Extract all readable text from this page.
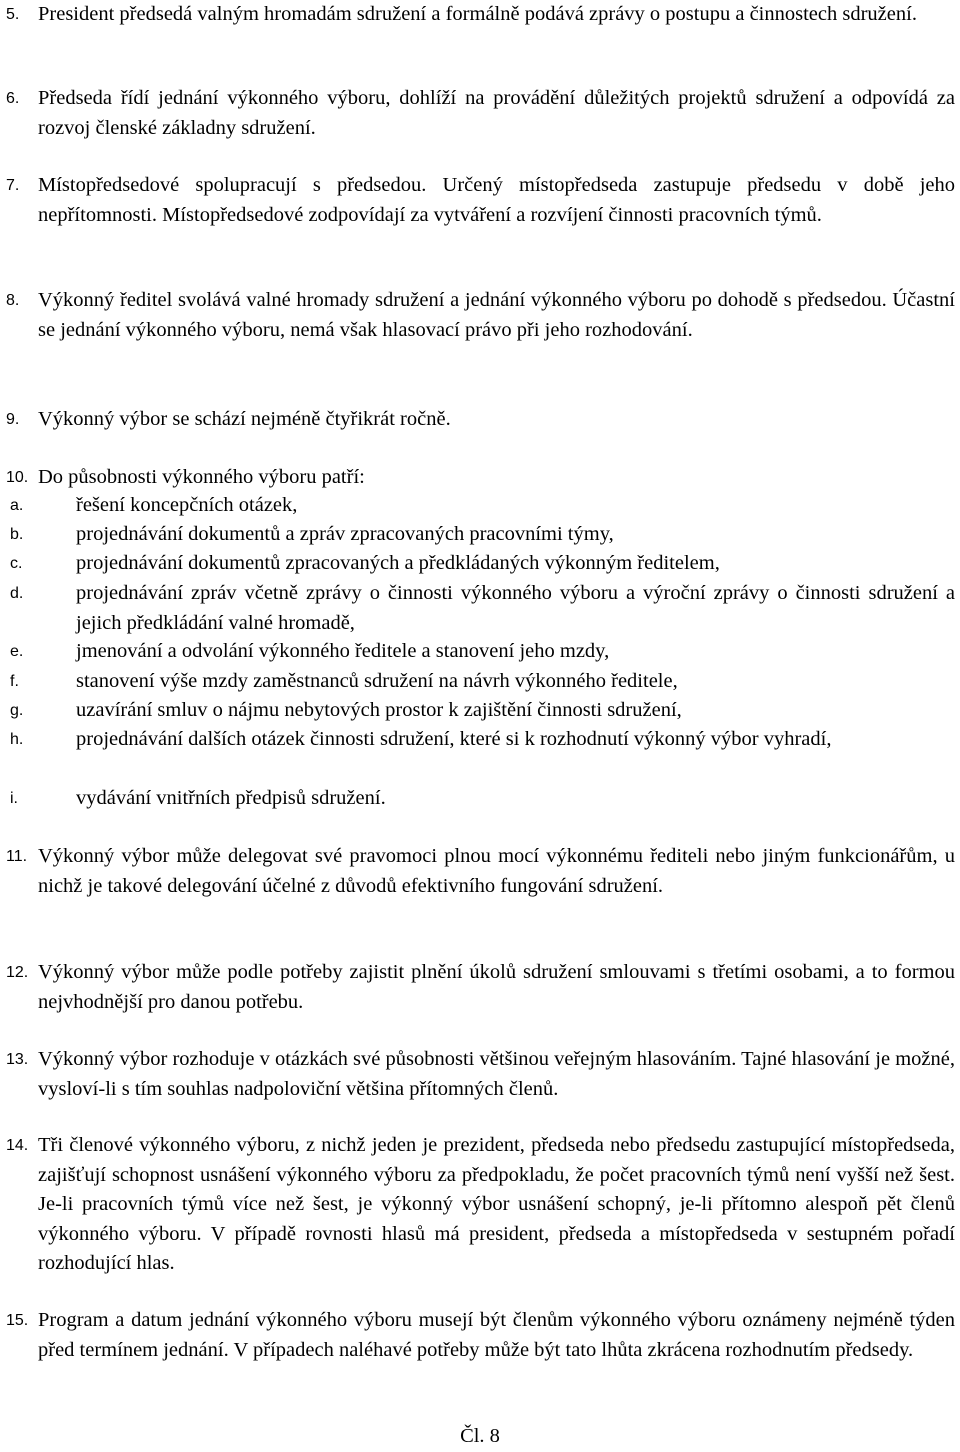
5. President předsedá valným hromadám sdružení a formálně podává zprávy o postupu a činnostech sdružení.
6. Předseda řídí jednání výkonného výboru, dohlíží na provádění důležitých projektů sdružení a odpovídá za rozvoj členské základny sdružení.
7. Místopředsedové spolupracují s předsedou. Určený místopředseda zastupuje předsedu v době jeho nepřítomnosti. Místopředsedové zodpovídají za vytváření a rozvíjení činnosti pracovních týmů.
8. Výkonný ředitel svolává valné hromady sdružení a jednání výkonného výboru po dohodě s předsedou. Účastní se jednání výkonného výboru, nemá však hlasovací právo při jeho rozhodování.
9. Výkonný výbor se schází nejméně čtyřikrát ročně.
10. Do působnosti výkonného výboru patří:
a.	řešení koncepčních otázek,
b.	projednávání dokumentů a zpráv zpracovaných pracovními týmy,
c.	projednávání dokumentů zpracovaných a předkládaných výkonným ředitelem,
d.	projednávání zpráv včetně zprávy o činnosti výkonného výboru a výroční zprávy o činnosti sdružení a jejich předkládání valné hromadě,
e.	jmenování a odvolání výkonného ředitele a stanovení jeho mzdy,
f.	stanovení výše mzdy zaměstnanců sdružení na návrh výkonného ředitele,
g.	uzavírání smluv o nájmu nebytových prostor k zajištění činnosti sdružení,
h.	projednávání dalších otázek činnosti sdružení, které si k rozhodnutí výkonný výbor vyhradí,
i.	vydávání vnitřních předpisů sdružení.
11. Výkonný výbor může delegovat své pravomoci plnou mocí výkonnému řediteli nebo jiným funkcionářům, u nichž je takové delegování účelné z důvodů efektivního fungování sdružení.
12. Výkonný výbor může podle potřeby zajistit plnění úkolů sdružení smlouvami s třetími osobami, a to formou nejvhodnější pro danou potřebu.
13. Výkonný výbor rozhoduje v otázkách své působnosti většinou veřejným hlasováním. Tajné hlasování je možné, vysloví-li s tím souhlas nadpoloviční většina přítomných členů.
14. Tři členové výkonného výboru, z nichž jeden je prezident, předseda nebo předsedu zastupující místopředseda, zajišťují schopnost usnášení výkonného výboru za předpokladu, že počet pracovních týmů není vyšší než šest. Je-li pracovních týmů více než šest, je výkonný výbor usnášení schopný, je-li přítomno alespoň pět členů výkonného výboru. V případě rovnosti hlasů má president, předseda a místopředseda v sestupném pořadí rozhodující hlas.
15. Program a datum jednání výkonného výboru musejí být členům výkonného výboru oznámeny nejméně týden před termínem jednání. V případech naléhavé potřeby může být tato lhůta zkrácena rozhodnutím předsedy.
Čl. 8
